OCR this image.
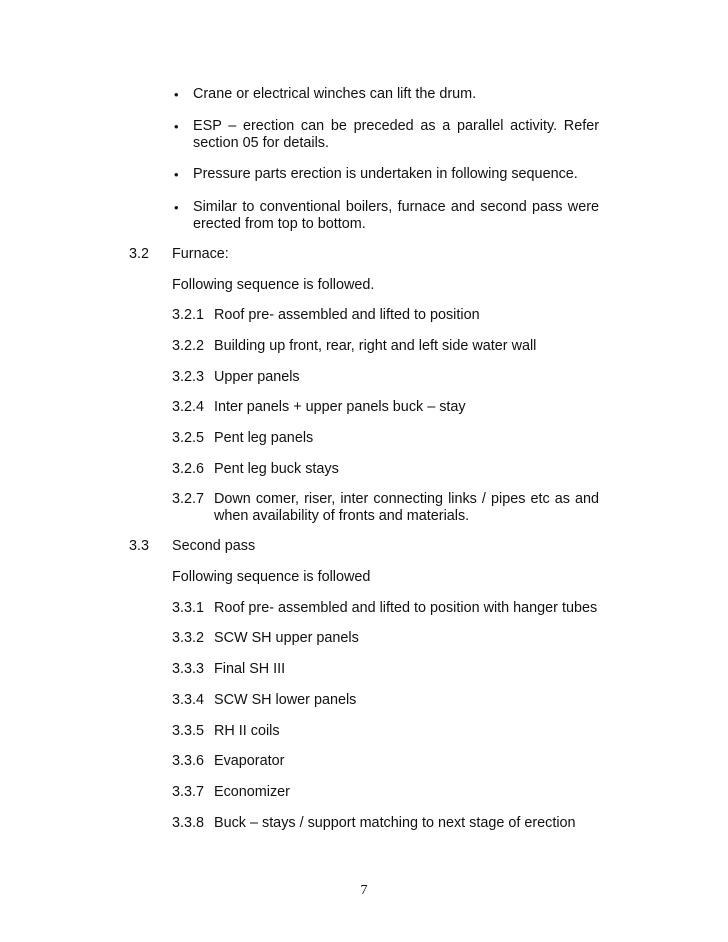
• Crane or electrical winches can lift the drum.
• ESP – erection can be preceded as a parallel activity. Refer section 05 for details.
• Pressure parts erection is undertaken in following sequence.
• Similar to conventional boilers, furnace and second pass were erected from top to bottom.
3.2 Furnace:
Following sequence is followed.
3.2.1 Roof pre- assembled and lifted to position
3.2.2 Building up front, rear, right and left side water wall
3.2.3 Upper panels
3.2.4 Inter panels + upper panels buck – stay
3.2.5 Pent leg panels
3.2.6 Pent leg buck stays
3.2.7 Down comer, riser, inter connecting links / pipes etc as and when availability of fronts and materials.
3.3 Second pass
Following sequence is followed
3.3.1 Roof pre- assembled and lifted to position with hanger tubes
3.3.2 SCW SH upper panels
3.3.3 Final SH III
3.3.4 SCW SH lower panels
3.3.5 RH II coils
3.3.6 Evaporator
3.3.7 Economizer
3.3.8 Buck – stays / support matching to next stage of erection
7
